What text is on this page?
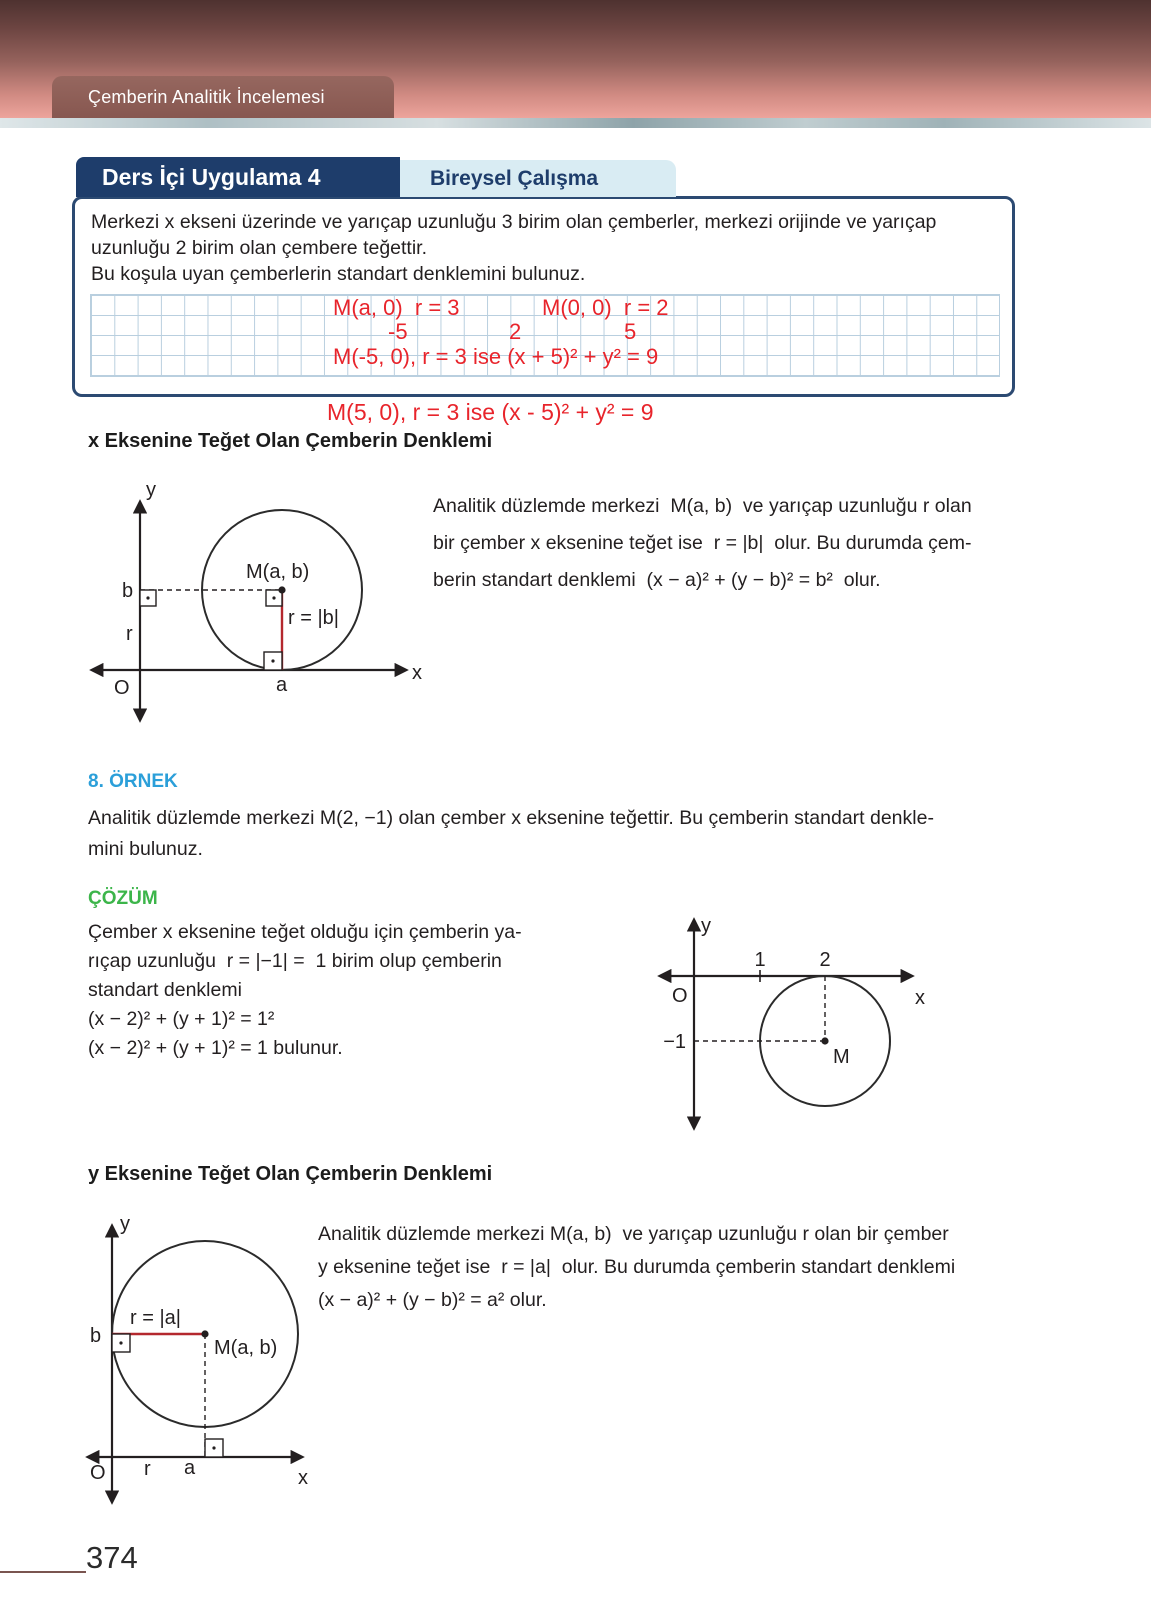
Çemberin Analitik İncelemesi
Ders İçi Uygulama 4	Bireysel Çalışma
Merkezi x ekseni üzerinde ve yarıçap uzunluğu 3 birim olan çemberler, merkezi orijinde ve yarıçap
uzunluğu 2 birim olan çembere teğettir.
Bu koşula uyan çemberlerin standart denklemini bulunuz.
M(a, 0)  r = 3	M(0, 0)  r = 2
-5	2	5
M(-5, 0), r = 3 ise (x + 5)² + y² = 9
M(5, 0), r = 3 ise (x - 5)² + y² = 9
x Eksenine Teğet Olan Çemberin Denklemi
y
b
r
O	a
x
M(a, b)
r = |b|
Analitik düzlemde merkezi  M(a, b)  ve yarıçap uzunluğu r olan
bir çember x eksenine teğet ise  r = |b|  olur. Bu durumda çem-
berin standart denklemi  (x − a)² + (y − b)² = b²  olur.
8. ÖRNEK
Analitik düzlemde merkezi M(2, −1) olan çember x eksenine teğettir. Bu çemberin standart denkle-
mini bulunuz.
ÇÖZÜM
Çember x eksenine teğet olduğu için çemberin ya-
rıçap uzunluğu  r = |−1| =  1 birim olup çemberin
standart denklemi
(x − 2)² + (y + 1)² = 1²
(x − 2)² + (y + 1)² = 1 bulunur.
y
O	x
1	2
−1
M
y Eksenine Teğet Olan Çemberin Denklemi
y
b
r = |a|
M(a, b)
O r a	x
Analitik düzlemde merkezi M(a, b)  ve yarıçap uzunluğu r olan bir çember
y eksenine teğet ise  r = |a|  olur. Bu durumda çemberin standart denklemi
(x − a)² + (y − b)² = a² olur.
374
